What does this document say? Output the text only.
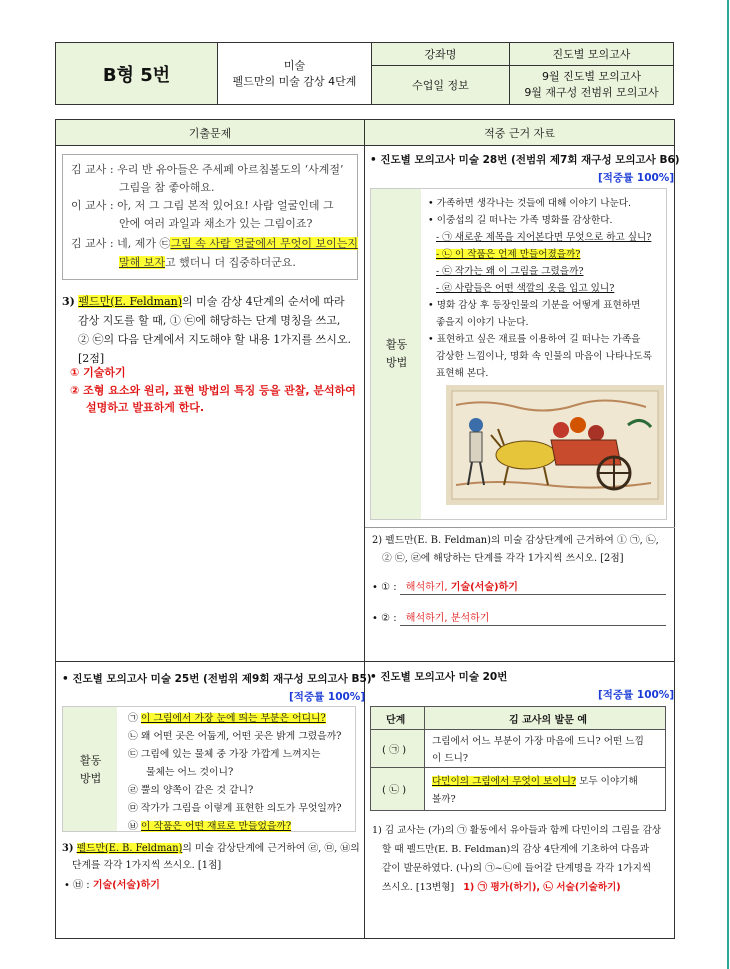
B형 5번	미술
펠드만의 미술 감상 4단계
강좌명	진도별 모의고사
수업일 정보
9월 진도별 모의고사
9월 재구성 전범위 모의고사
기출문제	적중 근거 자료
김 교사 : 우리 반 유아들은 주세페 아르침볼도의 ‘사계절’
그림을 참 좋아해요.
이 교사 : 아, 저 그 그림 본적 있어요! 사람 얼굴인데 그
안에 여러 과일과 채소가 있는 그림이죠?
김 교사 : 네, 제가 ㉢그림 속 사람 얼굴에서 무엇이 보이는지
말해 보자고 했더니 더 집중하더군요.
3) 펠드만(E. Feldman)의 미술 감상 4단계의 순서에 따라
감상 지도를 할 때, ① ㉢에 해당하는 단계 명칭을 쓰고,
② ㉢의 다음 단계에서 지도해야 할 내용 1가지를 쓰시오.
[2점]
① 기술하기
② 조형 요소와 원리, 표현 방법의 특징 등을 관찰, 분석하여
설명하고 발표하게 한다.
• 진도별 모의고사 미술 28번 (전범위 제7회 재구성 모의고사 B6)
[적중률 100%]
활동
방법
• 가족하면 생각나는 것들에 대해 이야기 나눈다.
• 이중섭의 길 떠나는 가족 명화를 감상한다.
- ㉠ 새로운 제목을 지어본다면 무엇으로 하고 싶니?
- ㉡ 이 작품은 언제 만들어졌을까?
- ㉢ 작가는 왜 이 그림을 그렸을까?
- ㉣ 사람들은 어떤 색깔의 옷을 입고 있니?
• 명화 감상 후 등장인물의 기분을 어떻게 표현하면
좋을지 이야기 나눈다.
• 표현하고 싶은 재료를 이용하여 길 떠나는 가족을
감상한 느낌이나, 명화 속 인물의 마음이 나타나도록
표현해 본다.
2) 펠드만(E. B. Feldman)의 미술 감상단계에 근거하여 ① ㉠, ㉡,
② ㉢, ㉣에 해당하는 단계를 각각 1가지씩 쓰시오. [2점]
• ① : 해석하기, 기술(서술)하기
• ② : 해석하기, 분석하기
• 진도별 모의고사 미술 25번 (전범위 제9회 재구성 모의고사 B5)
[적중률 100%]
활동
방법
㉠ 이 그림에서 가장 눈에 띄는 부분은 어디니?
㉡ 왜 어떤 곳은 어둡게, 어떤 곳은 밝게 그렸을까?
㉢ 그림에 있는 물체 중 가장 가깝게 느껴지는
물체는 어느 것이니?
㉣ 뿔의 양쪽이 같은 것 같니?
㉤ 작가가 그림을 이렇게 표현한 의도가 무엇일까?
㉥ 이 작품은 어떤 재료로 만들었을까?
3) 펠드만(E. B. Feldman)의 미술 감상단계에 근거하여 ㉣, ㉤, ㉥의
단계를 각각 1가지씩 쓰시오. [1점]
• ㉥ : 기술(서술)하기
• 진도별 모의고사 미술 20번
[적중률 100%]
단계	김 교사의 발문 예
( ㉠ )
그림에서 어느 부분이 가장 마음에 드니? 어떤 느낌
이 드니?
( ㉡ )
다민이의 그림에서 무엇이 보이니? 모두 이야기해
볼까?
1) 김 교사는 (가)의 ㉠ 활동에서 유아들과 함께 다민이의 그림을 감상
할 때 펠드만(E. B. Feldman)의 감상 4단계에 기초하여 다음과
같이 발문하였다. (나)의 ㉠~㉡에 들어갈 단계명을 각각 1가지씩
쓰시오. [13변형] 1) ㉠ 평가(하기), ㉡ 서술(기술하기)
